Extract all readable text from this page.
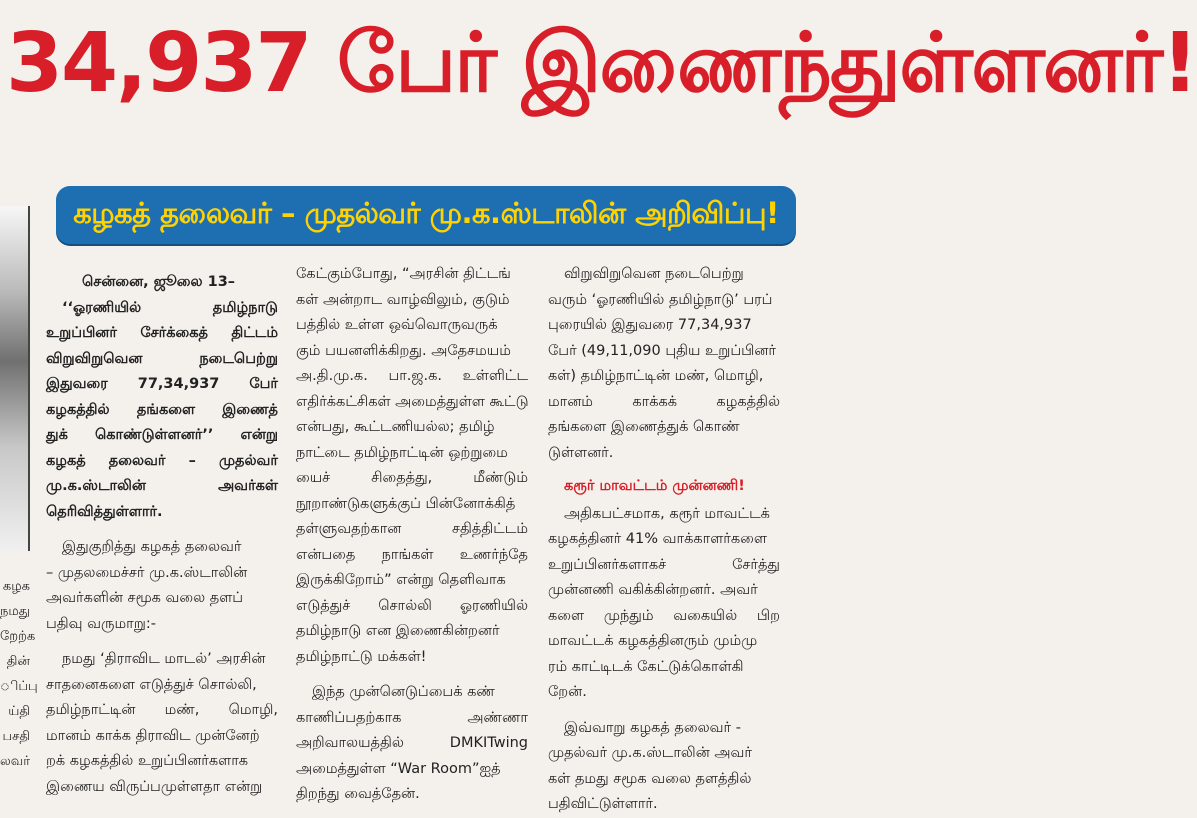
34,937 பேர் இணைந்துள்ளனர்!
கழகத் தலைவர் – முதல்வர் மு.க.ஸ்டாலின் அறிவிப்பு!
கழக
நமது
றேற்க
தின்
ிப்பு
ய்தி
பசதி
லவர்

சென்னை, ஜூலை 13–

‘‘ஓரணியில் தமிழ்நாடு

உறுப்பினர் சேர்க்கைத் திட்டம்

விறுவிறுவென நடைபெற்று

இதுவரை 77,34,937 பேர்

கழகத்தில் தங்களை இணைத்

துக் கொண்டுள்ளனர்’’ என்று

கழகத் தலைவர் – முதல்வர்

மு.க.ஸ்டாலின் அவர்கள்

தெரிவித்துள்ளார்.

இதுகுறித்து கழகத் தலைவர்

– முதலமைச்சர் மு.க.ஸ்டாலின்

அவர்களின் சமூக வலை தளப்

பதிவு வருமாறு:-

நமது ‘திராவிட மாடல்’ அரசின்

சாதனைகளை எடுத்துச் சொல்லி,

தமிழ்நாட்டின் மண், மொழி,

மானம் காக்க திராவிட முன்னேற்

றக் கழகத்தில் உறுப்பினர்களாக

இணைய விருப்பமுள்ளதா என்று

கேட்கும்போது, “அரசின் திட்டங்

கள் அன்றாட வாழ்விலும், குடும்

பத்தில் உள்ள ஒவ்வொருவருக்

கும் பயனளிக்கிறது. அதேசமயம்

அ.தி.மு.க. பா.ஜ.க. உள்ளிட்ட

எதிர்க்கட்சிகள் அமைத்துள்ள கூட்டு

என்பது, கூட்டணியல்ல; தமிழ்

நாட்டை தமிழ்நாட்டின் ஒற்றுமை

யைச் சிதைத்து, மீண்டும்

நூறாண்டுகளுக்குப் பின்னோக்கித்

தள்ளுவதற்கான சதித்திட்டம்

என்பதை நாங்கள் உணர்ந்தே

இருக்கிறோம்” என்று தெளிவாக

எடுத்துச் சொல்லி ஓரணியில்

தமிழ்நாடு என இணைகின்றனர்

தமிழ்நாட்டு மக்கள்!

இந்த முன்னெடுப்பைக் கண்

காணிப்பதற்காக அண்ணா

அறிவாலயத்தில் DMKITwing

அமைத்துள்ள “War Room”ஐத்

திறந்து வைத்தேன்.

விறுவிறுவென நடைபெற்று

வரும் ‘ஓரணியில் தமிழ்நாடு’ பரப்

புரையில் இதுவரை 77,34,937

பேர் (49,11,090 புதிய உறுப்பினர்

கள்) தமிழ்நாட்டின் மண், மொழி,

மானம் காக்கக் கழகத்தில்

தங்களை இணைத்துக் கொண்

டுள்ளனர்.

கரூர் மாவட்டம் முன்னணி!

அதிகபட்சமாக, கரூர் மாவட்டக்

கழகத்தினர் 41% வாக்காளர்களை

உறுப்பினர்களாகச் சேர்த்து

முன்னணி வகிக்கின்றனர். அவர்

களை முந்தும் வகையில் பிற

மாவட்டக் கழகத்தினரும் மும்மு

ரம் காட்டிடக் கேட்டுக்கொள்கி

றேன்.

இவ்வாறு கழகத் தலைவர் -

முதல்வர் மு.க.ஸ்டாலின் அவர்

கள் தமது சமூக வலை தளத்தில்

பதிவிட்டுள்ளார்.
